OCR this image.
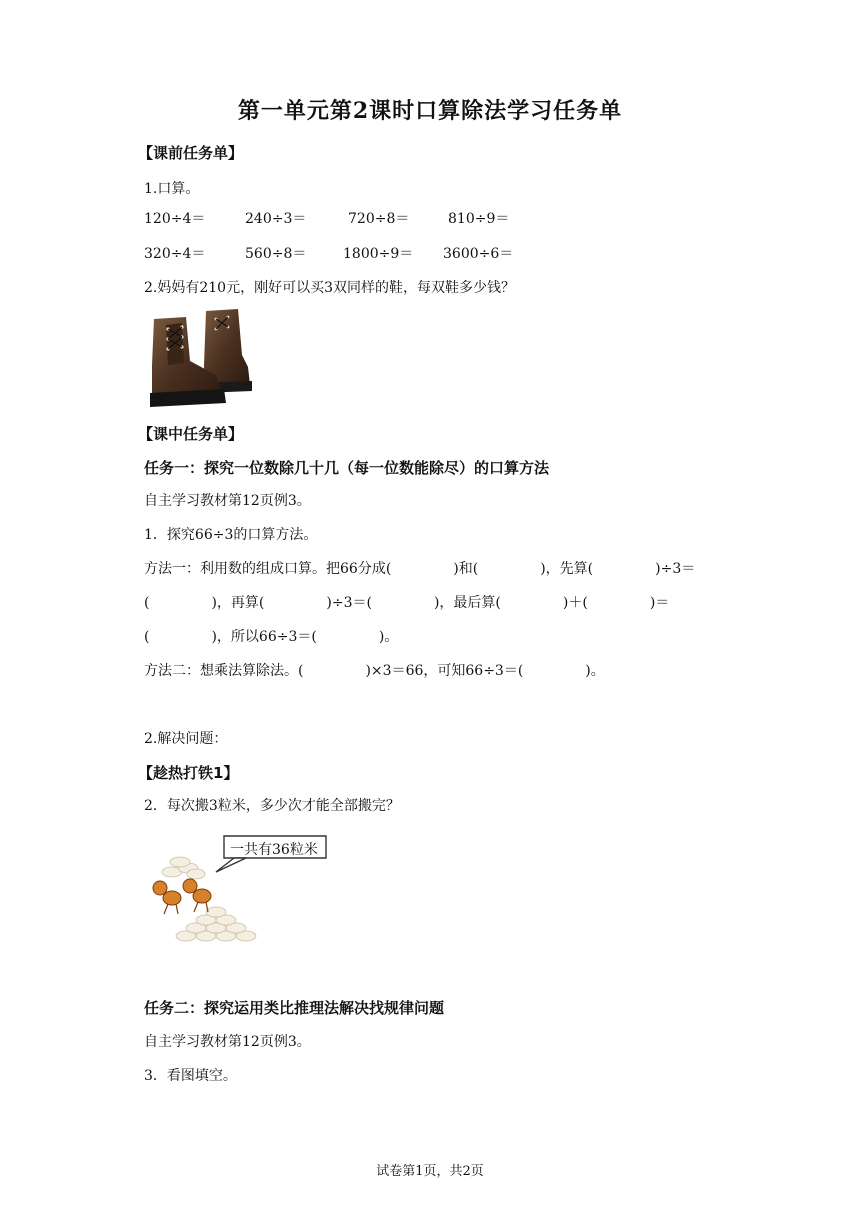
第一单元第2课时口算除法学习任务单
【课前任务单】
1.口算。
120÷4＝	240÷3＝	720÷8＝	810÷9＝
320÷4＝	560÷8＝	1800÷9＝ 3600÷6＝
2.妈妈有210元，刚好可以买3双同样的鞋，每双鞋多少钱？
【课中任务单】
任务一：探究一位数除几十几（每一位数能除尽）的口算方法
自主学习教材第12页例3。
1．探究66÷3的口算方法。
方法一：利用数的组成口算。把66分成(	)和(	)，先算(	)÷3＝
(	)，再算(	)÷3＝(	)，最后算(	)＋(	)＝
(	)，所以66÷3＝(	)。
方法二：想乘法算除法。(	)×3＝66，可知66÷3＝(	)。
2.解决问题：
【趁热打铁1】
2．每次搬3粒米，多少次才能全部搬完？
一共有36粒米
任务二：探究运用类比推理法解决找规律问题
自主学习教材第12页例3。
3．看图填空。
试卷第1页，共2页
